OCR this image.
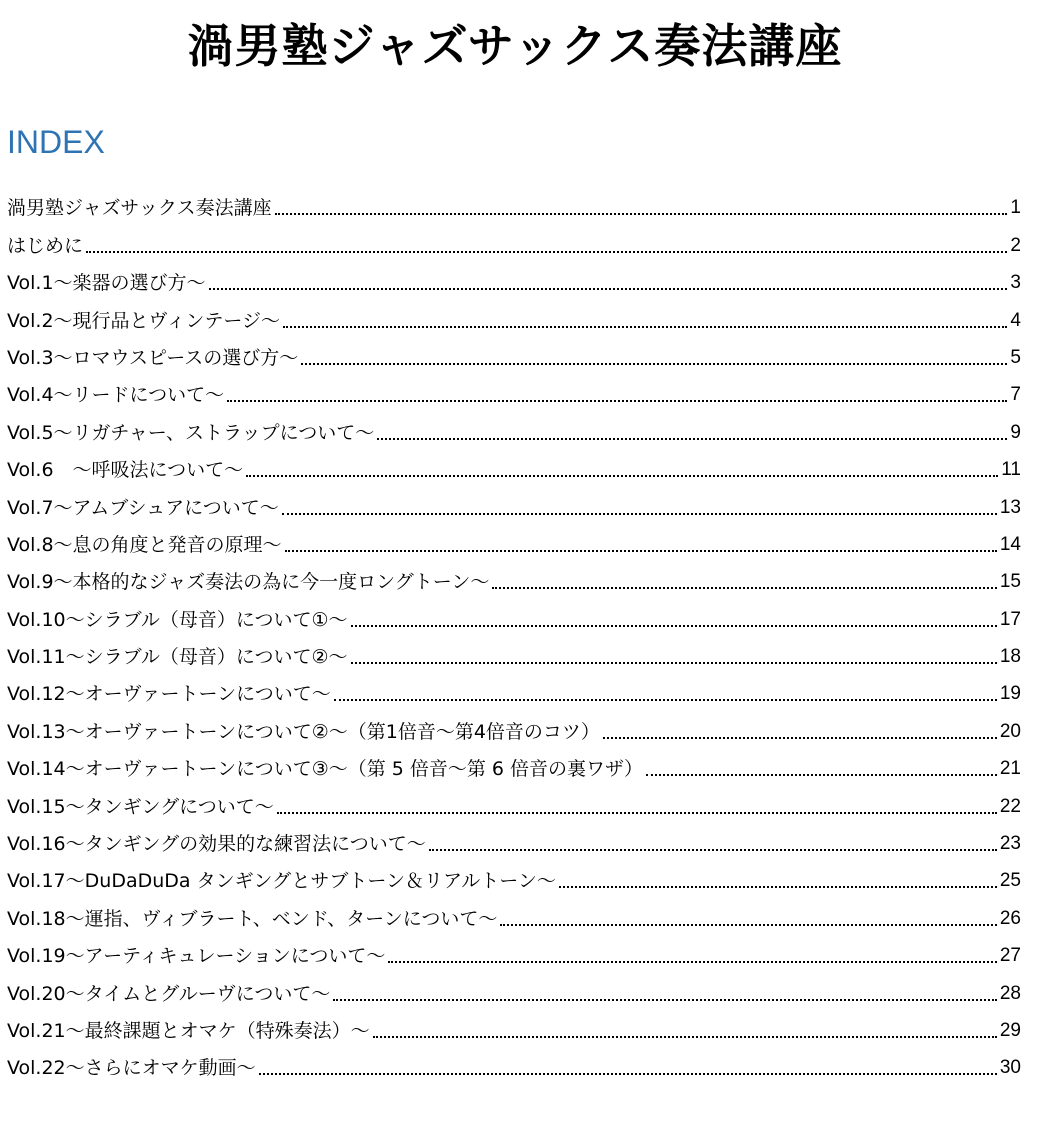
渦男塾ジャズサックス奏法講座
INDEX
渦男塾ジャズサックス奏法講座	1
はじめに	2
Vol.1～楽器の選び方～	3
Vol.2～現行品とヴィンテージ～	4
Vol.3～ロマウスピースの選び方～	5
Vol.4～リードについて～	7
Vol.5～リガチャー、ストラップについて～	9
Vol.6　～呼吸法について～	11
Vol.7～アムブシュアについて～	13
Vol.8～息の角度と発音の原理～	14
Vol.9～本格的なジャズ奏法の為に今一度ロングトーン～	15
Vol.10～シラブル（母音）について①～	17
Vol.11～シラブル（母音）について②～	18
Vol.12～オーヴァートーンについて～	19
Vol.13～オーヴァートーンについて②～（第1倍音～第4倍音のコツ）	20
Vol.14～オーヴァートーンについて③～（第 5 倍音～第 6 倍音の裏ワザ）	21
Vol.15～タンギングについて～	22
Vol.16～タンギングの効果的な練習法について～	23
Vol.17～DuDaDuDa タンギングとサブトーン＆リアルトーン～	25
Vol.18～運指、ヴィブラート、ベンド、ターンについて～	26
Vol.19～アーティキュレーションについて～	27
Vol.20～タイムとグルーヴについて～	28
Vol.21～最終課題とオマケ（特殊奏法）～	29
Vol.22～さらにオマケ動画～	30
